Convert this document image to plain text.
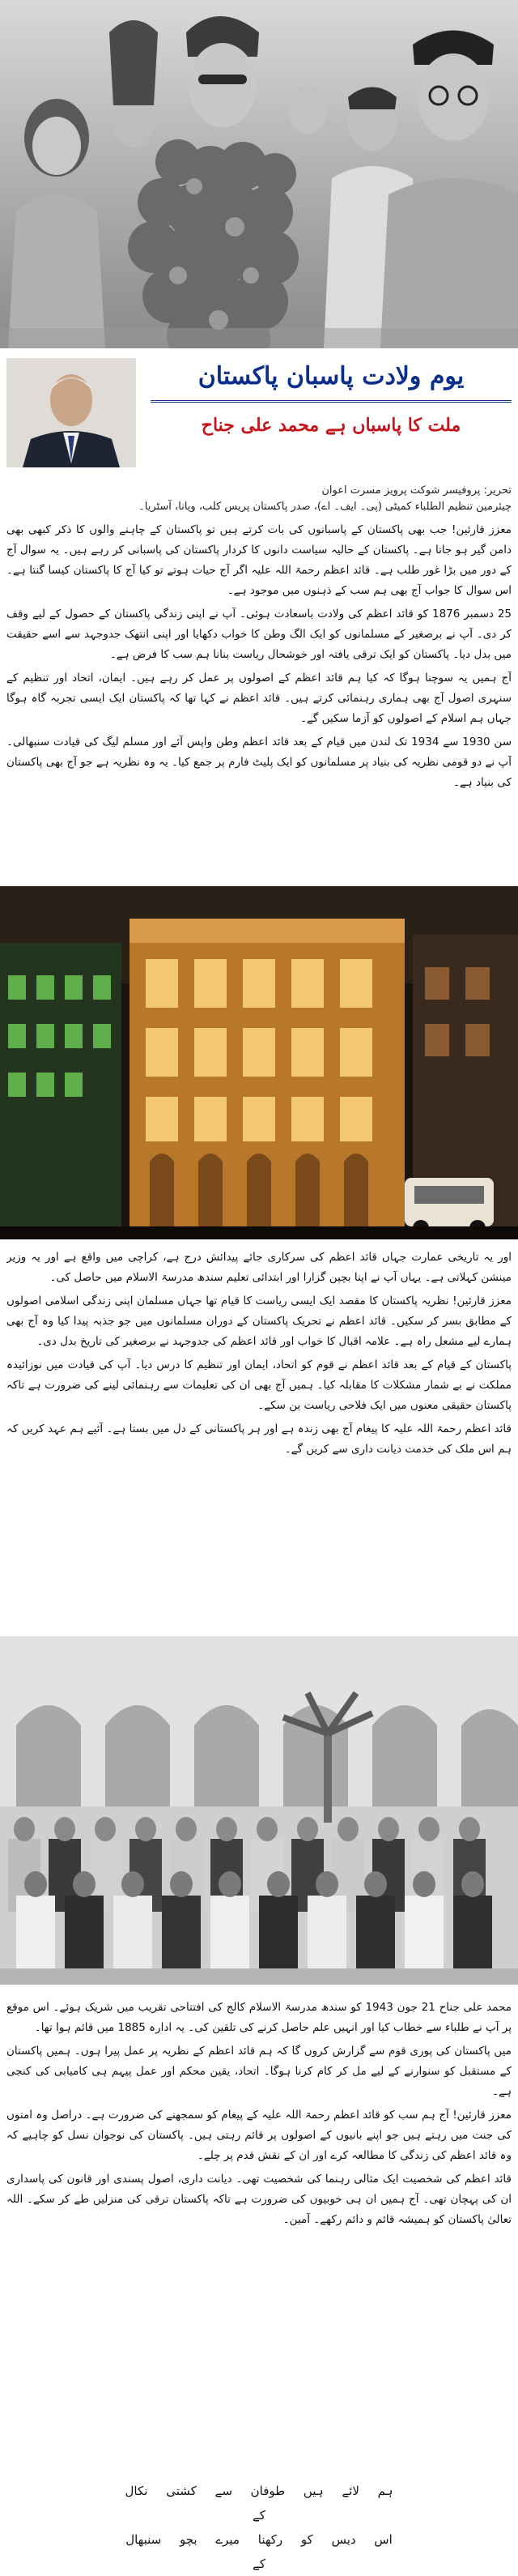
یوم ولادت پاسبان پاکستان
ملت کا پاسباں ہے محمد علی جناح
تحریر: پروفیسر شوکت پرویز مسرت اعوان
چیئرمین تنظیم الطلباء کمیٹی (پی۔ ایف۔ اے)، صدر پاکستان پریس کلب، ویانا، آسٹریا۔

معزز قارئین! جب بھی پاکستان کے پاسبانوں کی بات کرتے ہیں تو پاکستان کے چاہنے والوں کا ذکر کبھی بھی دامن گیر ہو جاتا ہے۔ پاکستان کے حالیہ سیاست دانوں کا کردار پاکستان کی پاسبانی کر رہے ہیں۔ یہ سوال آج کے دور میں بڑا غور طلب ہے۔ قائد اعظم رحمۃ اللہ علیہ اگر آج حیات ہوتے تو کیا آج کا پاکستان کیسا گنتا ہے۔ اس سوال کا جواب آج بھی ہم سب کے ذہنوں میں موجود ہے۔

25 دسمبر 1876 کو قائد اعظم کی ولادت باسعادت ہوئی۔ آپ نے اپنی زندگی پاکستان کے حصول کے لیے وقف کر دی۔ آپ نے برصغیر کے مسلمانوں کو ایک الگ وطن کا خواب دکھایا اور اپنی انتھک جدوجہد سے اسے حقیقت میں بدل دیا۔ پاکستان کو ایک ترقی یافتہ اور خوشحال ریاست بنانا ہم سب کا فرض ہے۔

آج ہمیں یہ سوچنا ہوگا کہ کیا ہم قائد اعظم کے اصولوں پر عمل کر رہے ہیں۔ ایمان، اتحاد اور تنظیم کے سنہری اصول آج بھی ہماری رہنمائی کرتے ہیں۔ قائد اعظم نے کہا تھا کہ پاکستان ایک ایسی تجربہ گاہ ہوگا جہاں ہم اسلام کے اصولوں کو آزما سکیں گے۔

سن 1930 سے 1934 تک لندن میں قیام کے بعد قائد اعظم وطن واپس آئے اور مسلم لیگ کی قیادت سنبھالی۔ آپ نے دو قومی نظریہ کی بنیاد پر مسلمانوں کو ایک پلیٹ فارم پر جمع کیا۔ یہ وہ نظریہ ہے جو آج بھی پاکستان کی بنیاد ہے۔

اور یہ تاریخی عمارت جہاں قائد اعظم کی سرکاری جائے پیدائش درج ہے، کراچی میں واقع ہے اور یہ وزیر مینشن کہلاتی ہے۔ یہاں آپ نے اپنا بچپن گزارا اور ابتدائی تعلیم سندھ مدرسۃ الاسلام میں حاصل کی۔

معزز قارئین! نظریہ پاکستان کا مقصد ایک ایسی ریاست کا قیام تھا جہاں مسلمان اپنی زندگی اسلامی اصولوں کے مطابق بسر کر سکیں۔ قائد اعظم نے تحریک پاکستان کے دوران مسلمانوں میں جو جذبہ پیدا کیا وہ آج بھی ہمارے لیے مشعل راہ ہے۔ علامہ اقبال کا خواب اور قائد اعظم کی جدوجہد نے برصغیر کی تاریخ بدل دی۔

پاکستان کے قیام کے بعد قائد اعظم نے قوم کو اتحاد، ایمان اور تنظیم کا درس دیا۔ آپ کی قیادت میں نوزائیدہ مملکت نے بے شمار مشکلات کا مقابلہ کیا۔ ہمیں آج بھی ان کی تعلیمات سے رہنمائی لینے کی ضرورت ہے تاکہ پاکستان حقیقی معنوں میں ایک فلاحی ریاست بن سکے۔

قائد اعظم رحمۃ اللہ علیہ کا پیغام آج بھی زندہ ہے اور ہر پاکستانی کے دل میں بستا ہے۔ آئیے ہم عہد کریں کہ ہم اس ملک کی خدمت دیانت داری سے کریں گے۔

محمد علی جناح 21 جون 1943 کو سندھ مدرسۃ الاسلام کالج کی افتتاحی تقریب میں شریک ہوئے۔ اس موقع پر آپ نے طلباء سے خطاب کیا اور انہیں علم حاصل کرنے کی تلقین کی۔ یہ ادارہ 1885 میں قائم ہوا تھا۔

میں پاکستان کی پوری قوم سے گزارش کروں گا کہ ہم قائد اعظم کے نظریہ پر عمل پیرا ہوں۔ ہمیں پاکستان کے مستقبل کو سنوارنے کے لیے مل کر کام کرنا ہوگا۔ اتحاد، یقین محکم اور عمل پیہم ہی کامیابی کی کنجی ہے۔

معزز قارئین! آج ہم سب کو قائد اعظم رحمۃ اللہ علیہ کے پیغام کو سمجھنے کی ضرورت ہے۔ دراصل وہ امتوں کی جنت میں رہتے ہیں جو اپنے بانیوں کے اصولوں پر قائم رہتی ہیں۔ پاکستان کی نوجوان نسل کو چاہیے کہ وہ قائد اعظم کی زندگی کا مطالعہ کرے اور ان کے نقش قدم پر چلے۔

قائد اعظم کی شخصیت ایک مثالی رہنما کی شخصیت تھی۔ دیانت داری، اصول پسندی اور قانون کی پاسداری ان کی پہچان تھی۔ آج ہمیں ان ہی خوبیوں کی ضرورت ہے تاکہ پاکستان ترقی کی منزلیں طے کر سکے۔ اللہ تعالیٰ پاکستان کو ہمیشہ قائم و دائم رکھے۔ آمین۔

ہم لائے ہیں طوفان سے کشتی نکال کے

اس دیس کو رکھنا میرے بچو سنبھال کے
